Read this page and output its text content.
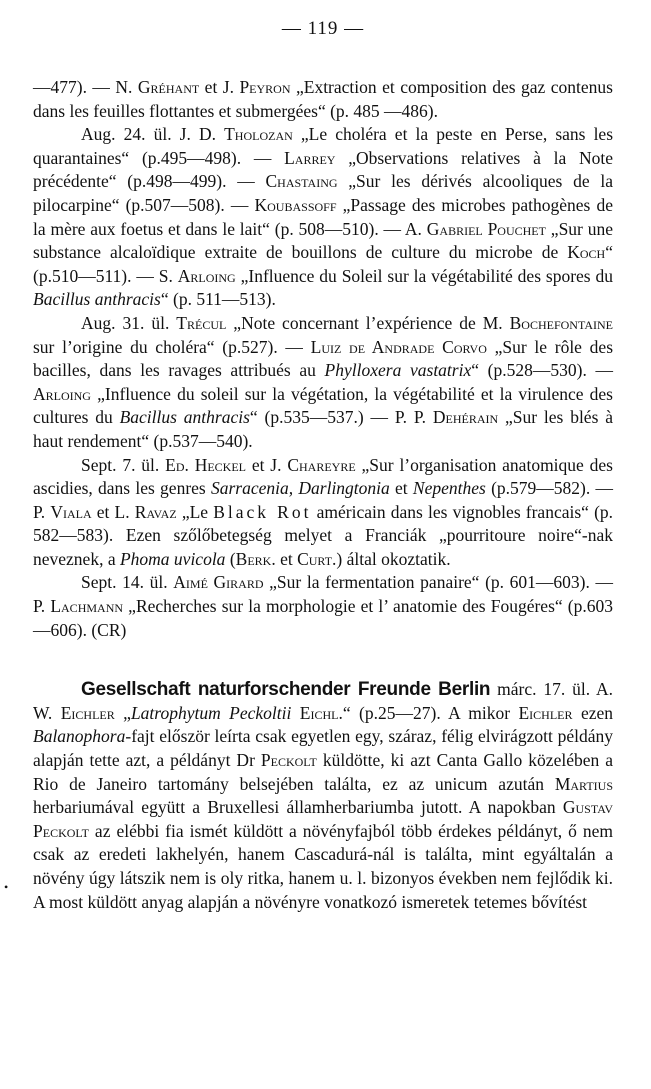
— 119 —

—477). — N. Gréhant et J. Peyron „Extraction et composition des gaz contenus dans les feuilles flottantes et submergées“ (p. 485 —486).

Aug. 24. ül. J. D. Tholozan „Le choléra et la peste en Perse, sans les quarantaines“ (p.495—498). — Larrey „Observations relatives à la Note précédente“ (p.498—499). — Chastaing „Sur les dérivés alcooliques de la pilocarpine“ (p.507—508). — Koubassoff „Passage des microbes pathogènes de la mère aux foetus et dans le lait“ (p. 508—510). — A. Gabriel Pouchet „Sur une substance alcaloïdique extraite de bouillons de culture du microbe de Koch“ (p.510—511). — S. Arloing „Influence du Soleil sur la végétabilité des spores du Bacillus anthracis“ (p. 511—513).

Aug. 31. ül. Trécul „Note concernant l’expérience de M. Bochefontaine sur l’origine du choléra“ (p.527). — Luiz de Andrade Corvo „Sur le rôle des bacilles, dans les ravages attribués au Phylloxera vastatrix“ (p.528—530). — Arloing „Influence du soleil sur la végétation, la végétabilité et la virulence des cultures du Bacillus anthracis“ (p.535—537.) — P. P. Dehérain „Sur les blés à haut rendement“ (p.537—540).

Sept. 7. ül. Ed. Heckel et J. Chareyre „Sur l’organisation anatomique des ascidies, dans les genres Sarracenia, Darlingtonia et Nepenthes (p.579—582). — P. Viala et L. Ravaz „Le Black Rot américain dans les vignobles francais“ (p. 582—583). Ezen szőlőbetegség melyet a Franciák „pourritoure noire“-nak neveznek, a Phoma uvicola (Berk. et Curt.) által okoztatik.

Sept. 14. ül. Aimé Girard „Sur la fermentation panaire“ (p. 601—603). — P. Lachmann „Recherches sur la morphologie et l’ anatomie des Fougéres“ (p.603—606). (CR)

Gesellschaft naturforschender Freunde Berlin márc. 17. ül. A. W. Eichler „Latrophytum Peckoltii Eichl.“ (p.25—27). A mikor Eichler ezen Balanophora-fajt először leírta csak egyetlen egy, száraz, félig elvirágzott példány alapján tette azt, a példányt Dr Peckolt küldötte, ki azt Canta Gallo közelében a Rio de Janeiro tartomány belsejében találta, ez az unicum azután Martius herbariumával együtt a Bruxellesi államherbariumba jutott. A napokban Gustav Peckolt az elébbi fia ismét küldött a növényfajból több érdekes példányt, ő nem csak az eredeti lakhelyén, hanem Cascadurá-nál is találta, mint egyáltalán a növény úgy látszik nem is oly ritka, hanem u. l. bizonyos években nem fejlődik ki. A most küldött anyag alapján a növényre vonatkozó ismeretek tetemes bővítést

•
